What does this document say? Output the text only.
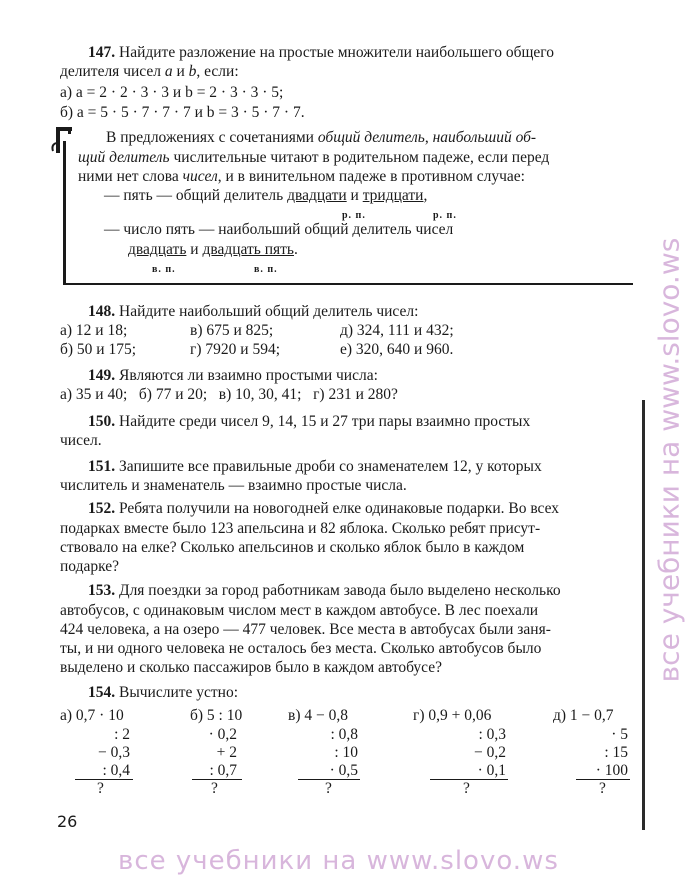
147. Найдите разложение на простые множители наибольшего общего
делителя чисел a и b, если:
а) a = 2 · 2 · 3 · 3 и b = 2 · 3 · 3 · 5;
б) a = 5 · 5 · 7 · 7 · 7 и b = 3 · 5 · 7 · 7.
В предложениях с сочетаниями общий делитель, наибольший об-
щий делитель числительные читают в родительном падеже, если перед
ними нет слова чисел, и в винительном падеже в противном случае:
— пять — общий делитель двадцати и тридцати,
р. п.	р. п.
— число пять — наибольший общий делитель чисел
двадцать и двадцать пять.
в. п.	в. п.
148. Найдите наибольший общий делитель чисел:
а) 12 и 18;	в) 675 и 825;	д) 324, 111 и 432;
б) 50 и 175;	г) 7920 и 594;	е) 320, 640 и 960.
149. Являются ли взаимно простыми числа:
а) 35 и 40;   б) 77 и 20;   в) 10, 30, 41;   г) 231 и 280?
150. Найдите среди чисел 9, 14, 15 и 27 три пары взаимно простых
чисел.
151. Запишите все правильные дроби со знаменателем 12, у которых
числитель и знаменатель — взаимно простые числа.
152. Ребята получили на новогодней елке одинаковые подарки. Во всех
подарках вместе было 123 апельсина и 82 яблока. Сколько ребят присут-
ствовало на елке? Сколько апельсинов и сколько яблок было в каждом
подарке?
153. Для поездки за город работникам завода было выделено несколько
автобусов, с одинаковым числом мест в каждом автобусе. В лес поехали
424 человека, а на озеро — 477 человек. Все места в автобусах были заня-
ты, и ни одного человека не осталось без места. Сколько автобусов было
выделено и сколько пассажиров было в каждом автобусе?
154. Вычислите устно:
а) 0,7 · 10
: 2
− 0,3
: 0,4
?
б) 5 : 10
· 0,2
+ 2
: 0,7
?
в) 4 − 0,8
: 0,8
: 10
· 0,5
?
г) 0,9 + 0,06
: 0,3
− 0,2
· 0,1
?
д) 1 − 0,7
· 5
: 15
· 100
?
26
все учебники на www.slovo.ws
все учебники на www.slovo.ws
